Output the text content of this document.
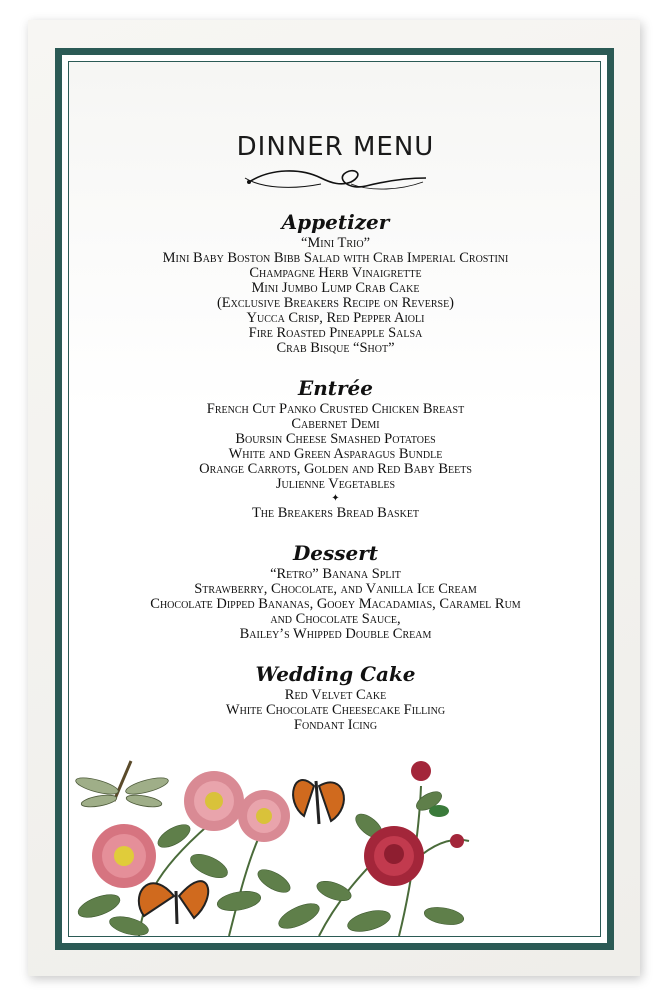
DINNER MENU
Appetizer

“Mini Trio”

Mini Baby Boston Bibb Salad with Crab Imperial Crostini

Champagne Herb Vinaigrette

Mini Jumbo Lump Crab Cake

(Exclusive Breakers Recipe on Reverse)

Yucca Crisp, Red Pepper Aioli

Fire Roasted Pineapple Salsa

Crab Bisque “Shot”

Entrée

French Cut Panko Crusted Chicken Breast

Cabernet Demi

Boursin Cheese Smashed Potatoes

White and Green Asparagus Bundle

Orange Carrots, Golden and Red Baby Beets

Julienne Vegetables

✦

The Breakers Bread Basket

Dessert

“Retro” Banana Split

Strawberry, Chocolate, and Vanilla Ice Cream

Chocolate Dipped Bananas, Gooey Macadamias, Caramel Rum

and Chocolate Sauce,

Bailey’s Whipped Double Cream

Wedding Cake

Red Velvet Cake

White Chocolate Cheesecake Filling

Fondant Icing
